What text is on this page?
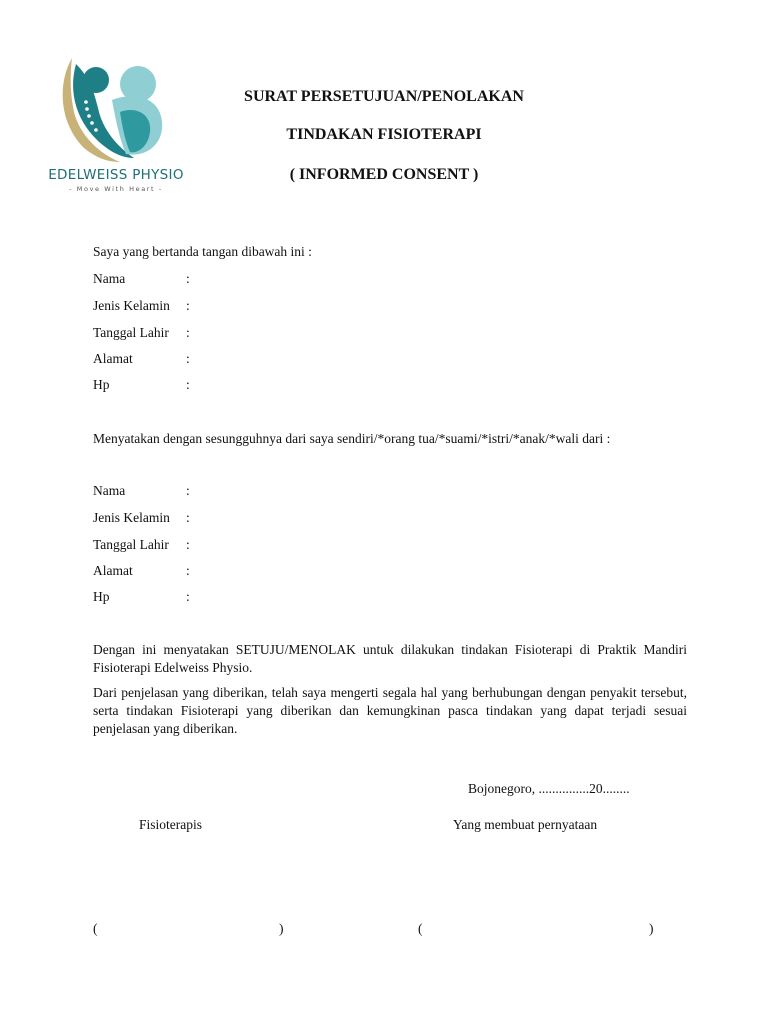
EDELWEISS PHYSIO
- Move With Heart -
SURAT PERSETUJUAN/PENOLAKAN
TINDAKAN FISIOTERAPI
( INFORMED CONSENT )
Saya yang bertanda tangan dibawah ini :
Nama	:
Jenis Kelamin :
Tanggal Lahir :
Alamat	:
Hp	:
Menyatakan dengan sesungguhnya dari saya sendiri/*orang tua/*suami/*istri/*anak/*wali dari :
Nama	:
Jenis Kelamin :
Tanggal Lahir :
Alamat	:
Hp	:
Dengan ini menyatakan SETUJU/MENOLAK untuk dilakukan tindakan Fisioterapi di Praktik Mandiri Fisioterapi Edelweiss Physio.
Dari penjelasan yang diberikan, telah saya mengerti segala hal yang berhubungan dengan penyakit tersebut, serta tindakan Fisioterapi yang diberikan dan kemungkinan pasca tindakan yang dapat terjadi sesuai penjelasan yang diberikan.
Bojonegoro, ...............20........
Fisioterapis	Yang membuat pernyataan
(	)	(	)
